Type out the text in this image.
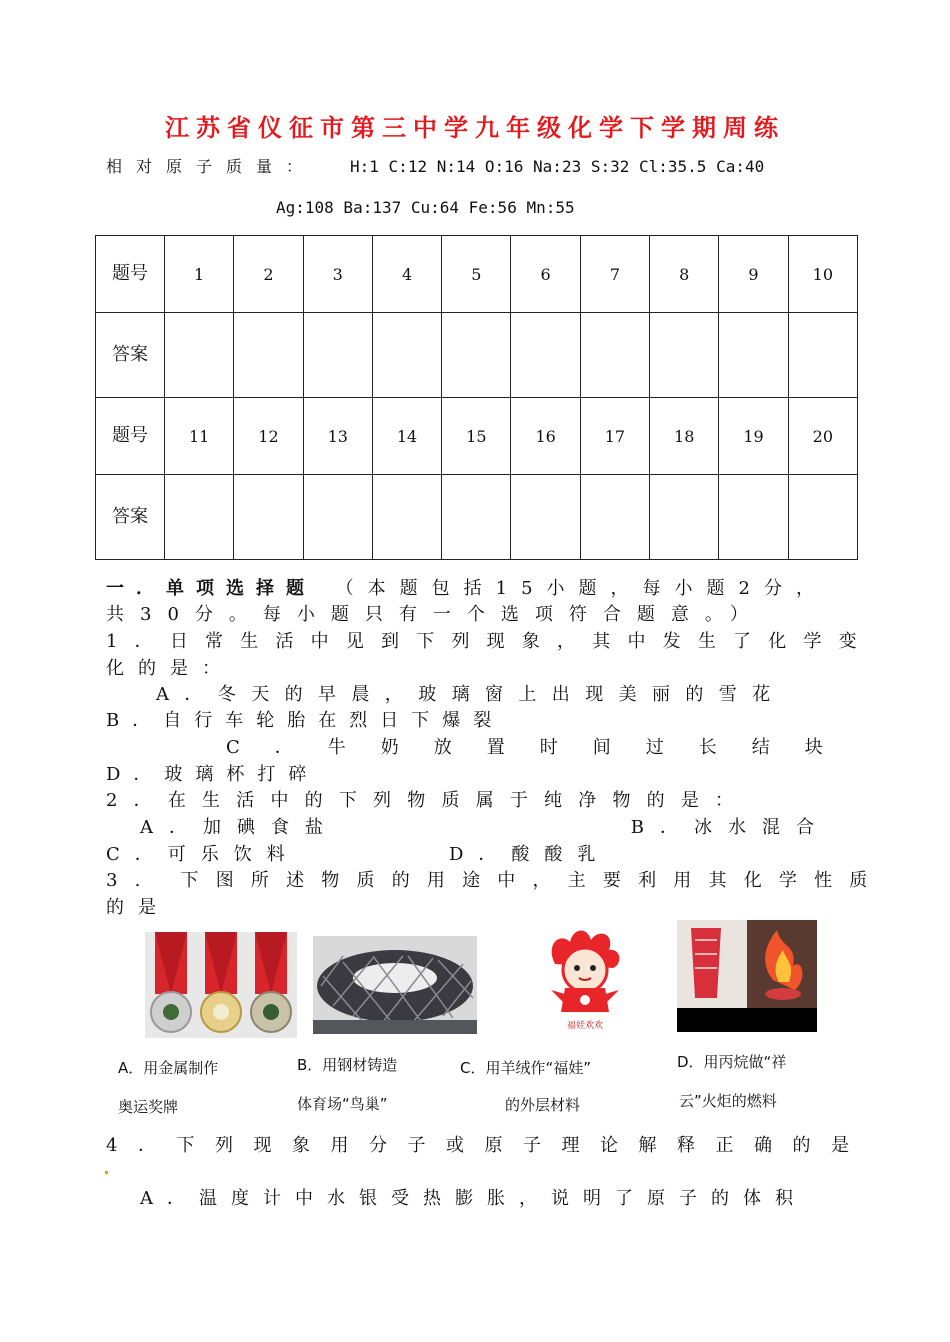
江苏省仪征市第三中学九年级化学下学期周练
相对原子质量： H:1 C:12 N:14 O:16 Na:23 S:32 Cl:35.5 Ca:40
Ag:108 Ba:137 Cu:64 Fe:56 Mn:55
题号	1	2	3	4	5	6	7	8	9	10
答案										
题号	11	12	13	14	15	16	17	18	19	20
答案										
一．单项选择题 （本题包括15小题，每小题2分，
共30分。每小题只有一个选项符合题意。）
1．日常生活中见到下列现象，其中发生了化学变
化的是：
A．冬天的早晨，玻璃窗上出现美丽的雪花
B．自行车轮胎在烈日下爆裂
C．牛奶放置时间过长结块
D．玻璃杯打碎
2．在生活中的下列物质属于纯净物的是：
A．加碘食盐	B．冰水混合
C．可乐饮料	D．酸酸乳
3. 下图所述物质的用途中，主要利用其化学性质
的是
福娃欢欢
A．用金属制作
奥运奖牌
B．用钢材铸造
体育场“鸟巢”
C．用羊绒作“福娃”
的外层材料
D．用丙烷做“祥
云”火炬的燃料
4．下列现象用分子或原子理论解释正确的是
A．温度计中水银受热膨胀，说明了原子的体积
